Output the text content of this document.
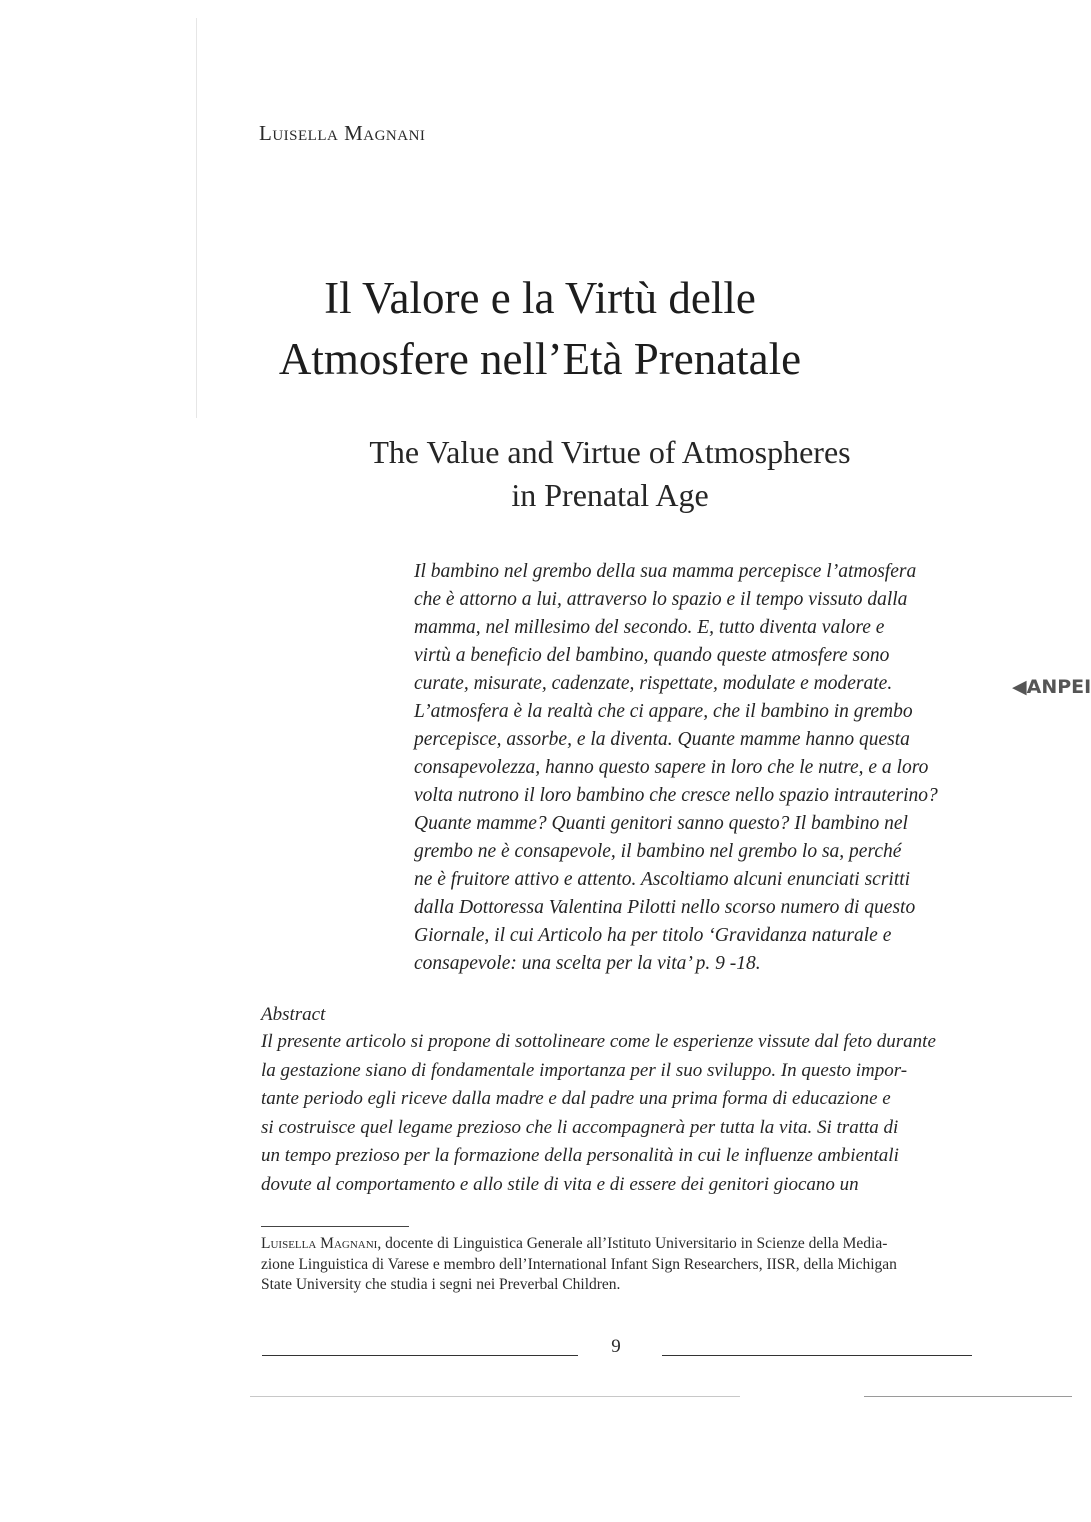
Luisella Magnani
Il Valore e la Virtù delle
Atmosfere nell’Età Prenatale
The Value and Virtue of Atmospheres
in Prenatal Age
Il bambino nel grembo della sua mamma percepisce l’atmosfera
che è attorno a lui, attraverso lo spazio e il tempo vissuto dalla
mamma, nel millesimo del secondo. E, tutto diventa valore e
virtù a beneficio del bambino, quando queste atmosfere sono
curate, misurate, cadenzate, rispettate, modulate e moderate.
L’atmosfera è la realtà che ci appare, che il bambino in grembo
percepisce, assorbe, e la diventa. Quante mamme hanno questa
consapevolezza, hanno questo sapere in loro che le nutre, e a loro
volta nutrono il loro bambino che cresce nello spazio intrauterino?
Quante mamme? Quanti genitori sanno questo? Il bambino nel
grembo ne è consapevole, il bambino nel grembo lo sa, perché
ne è fruitore attivo e attento. Ascoltiamo alcuni enunciati scritti
dalla Dottoressa Valentina Pilotti nello scorso numero di questo
Giornale, il cui Articolo ha per titolo ‘Gravidanza naturale e
consapevole: una scelta per la vita’ p. 9 -18.
◀ANPEI
Abstract
Il presente articolo si propone di sottolineare come le esperienze vissute dal feto durante
la gestazione siano di fondamentale importanza per il suo sviluppo. In questo impor-
tante periodo egli riceve dalla madre e dal padre una prima forma di educazione e
si costruisce quel legame prezioso che li accompagnerà per tutta la vita. Si tratta di
un tempo prezioso per la formazione della personalità in cui le influenze ambientali
dovute al comportamento e allo stile di vita e di essere dei genitori giocano un
Luisella Magnani, docente di Linguistica Generale all’Istituto Universitario in Scienze della Media-
zione Linguistica di Varese e membro dell’International Infant Sign Researchers, IISR, della Michigan
State University che studia i segni nei Preverbal Children.
9
